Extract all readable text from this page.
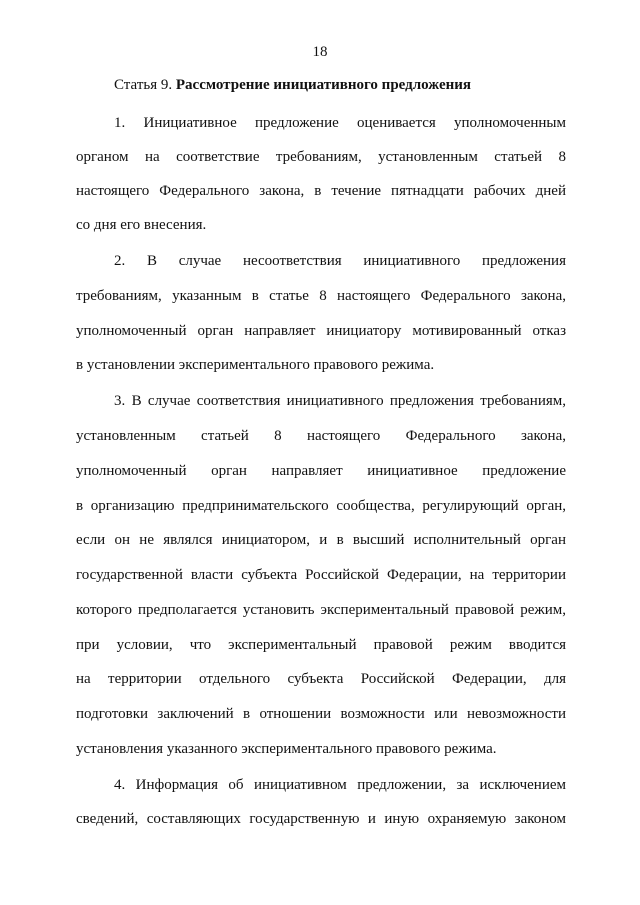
18
Статья 9. Рассмотрение инициативного предложения
1. Инициативное предложение оценивается уполномоченным
органом на соответствие требованиям, установленным статьей 8
настоящего Федерального закона, в течение пятнадцати рабочих дней
со дня его внесения.
2. В случае несоответствия инициативного предложения
требованиям, указанным в статье 8 настоящего Федерального закона,
уполномоченный орган направляет инициатору мотивированный отказ
в установлении экспериментального правового режима.
3. В случае соответствия инициативного предложения требованиям,
установленным статьей 8 настоящего Федерального закона,
уполномоченный орган направляет инициативное предложение
в организацию предпринимательского сообщества, регулирующий орган,
если он не являлся инициатором, и в высший исполнительный орган
государственной власти субъекта Российской Федерации, на территории
которого предполагается установить экспериментальный правовой режим,
при условии, что экспериментальный правовой режим вводится
на территории отдельного субъекта Российской Федерации, для
подготовки заключений в отношении возможности или невозможности
установления указанного экспериментального правового режима.
4. Информация об инициативном предложении, за исключением
сведений, составляющих государственную и иную охраняемую законом
